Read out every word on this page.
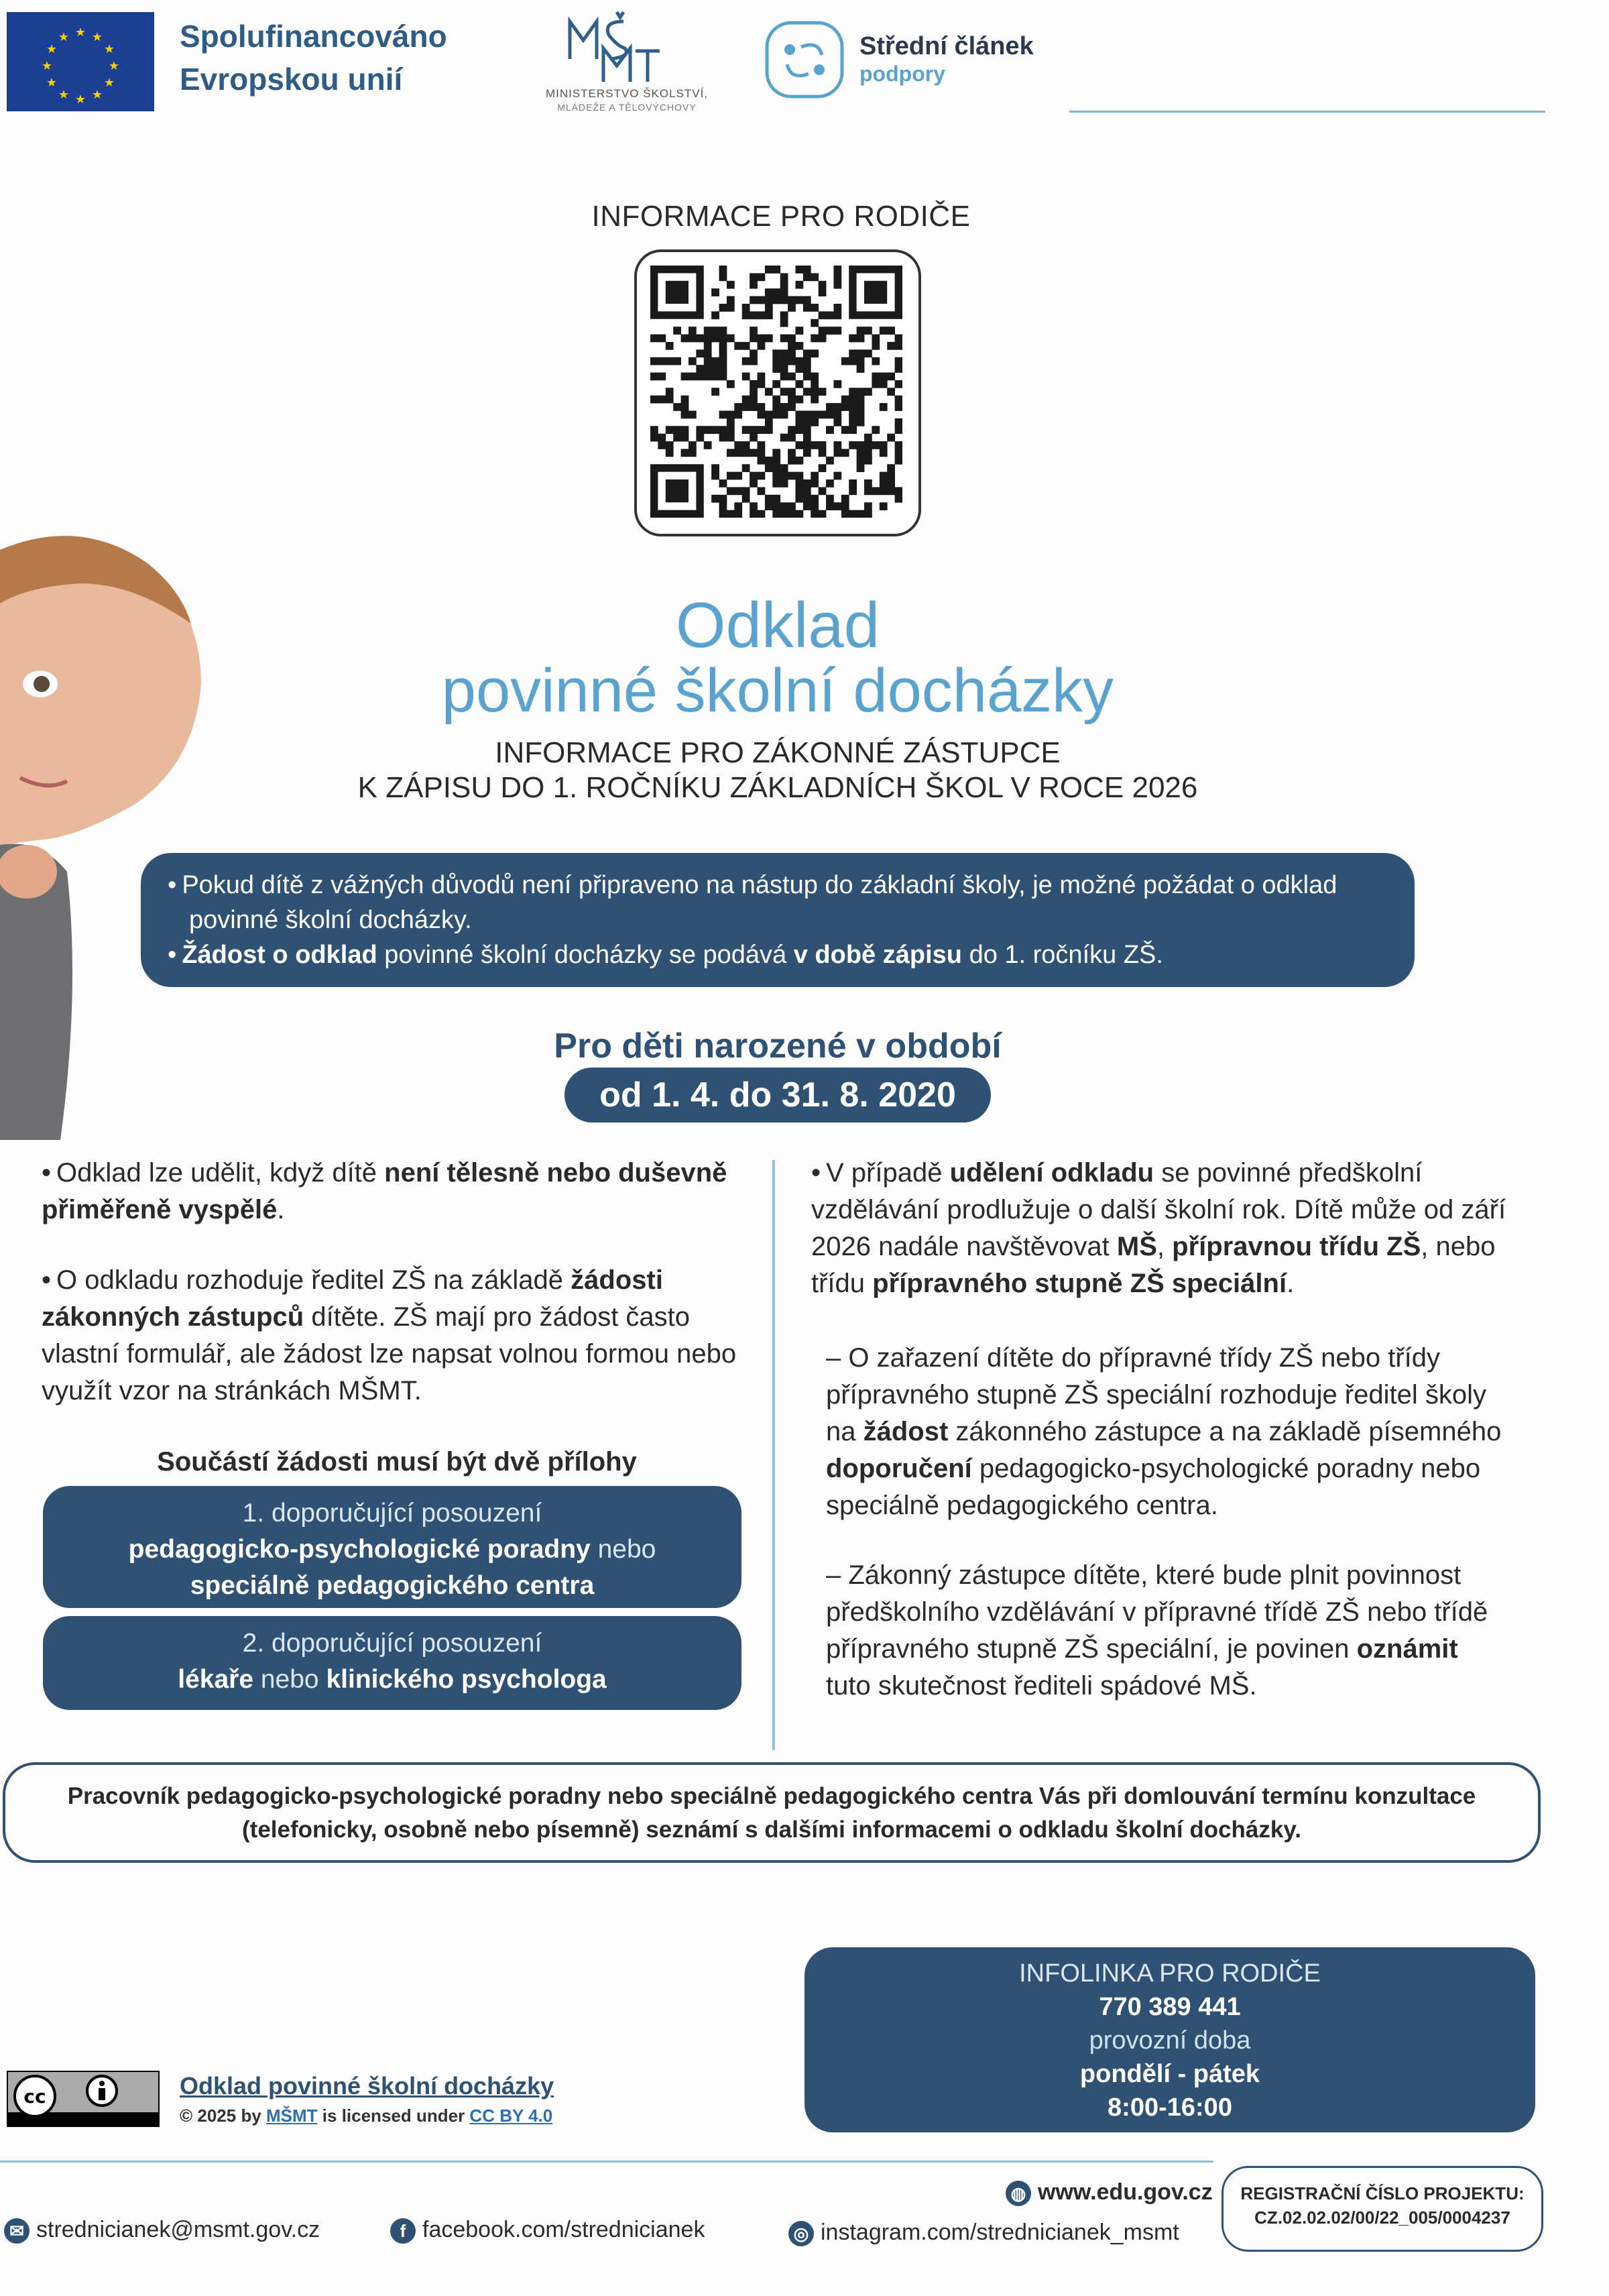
★ ★
★
★
★
★
★
★
★
★
★
★	Spolufinancováno
Evropskou unií	MINISTERSTVO ŠKOLSTVÍ,
MLÁDEŽE A TĚLOVÝCHOVY
Střední článek
podpory
INFORMACE PRO RODIČE
Odklad
povinné školní docházky
INFORMACE PRO ZÁKONNÉ ZÁSTUPCE
K ZÁPISU DO 1. ROČNÍKU ZÁKLADNÍCH ŠKOL V ROCE 2026

• Pokud dítě z vážných důvodů není připraveno na nástup do základní školy, je možné požádat o odklad

povinné školní docházky.

• Žádost o odklad povinné školní docházky se podává v době zápisu do 1. ročníku ZŠ.

Pro děti narozené v období
od 1. 4. do 31. 8. 2020
• Odklad lze udělit, když dítě není tělesně nebo duševně přiměřeně vyspělé.
• O odkladu rozhoduje ředitel ZŠ na základě žádosti zákonných zástupců dítěte. ZŠ mají pro žádost často vlastní formulář, ale žádost lze napsat volnou formou nebo využít vzor na stránkách MŠMT.
Součástí žádosti musí být dvě přílohy
1. doporučující posouzení
pedagogicko-psychologické poradny nebo
speciálně pedagogického centra
2. doporučující posouzení
lékaře nebo klinického psychologa
• V případě udělení odkladu se povinné předškolní vzdělávání prodlužuje o další školní rok. Dítě může od září 2026 nadále navštěvovat MŠ, přípravnou třídu ZŠ, nebo třídu přípravného stupně ZŠ speciální.
– O zařazení dítěte do přípravné třídy ZŠ nebo třídy přípravného stupně ZŠ speciální rozhoduje ředitel školy na žádost zákonného zástupce a na základě písemného doporučení pedagogicko-psychologické poradny nebo speciálně pedagogického centra.
– Zákonný zástupce dítěte, které bude plnit povinnost předškolního vzdělávání v přípravné třídě ZŠ nebo třídě přípravného stupně ZŠ speciální, je povinen oznámit tuto skutečnost řediteli spádové MŠ.
Pracovník pedagogicko-psychologické poradny nebo speciálně pedagogického centra Vás při domlouvání termínu konzultace
(telefonicky, osobně nebo písemně) seznámí s dalšími informacemi o odkladu školní docházky.
INFOLINKA PRO RODIČE
770 389 441
provozní doba
pondělí - pátek
8:00-16:00
cc	Odklad povinné školní docházky
© 2025 by MŠMT is licensed under CC BY 4.0
◍ www.edu.gov.cz
✉ strednicianek@msmt.gov.cz	f facebook.com/strednicianek	◎ instagram.com/strednicianek_msmt
REGISTRAČNÍ ČÍSLO PROJEKTU:
CZ.02.02.02/00/22_005/0004237
